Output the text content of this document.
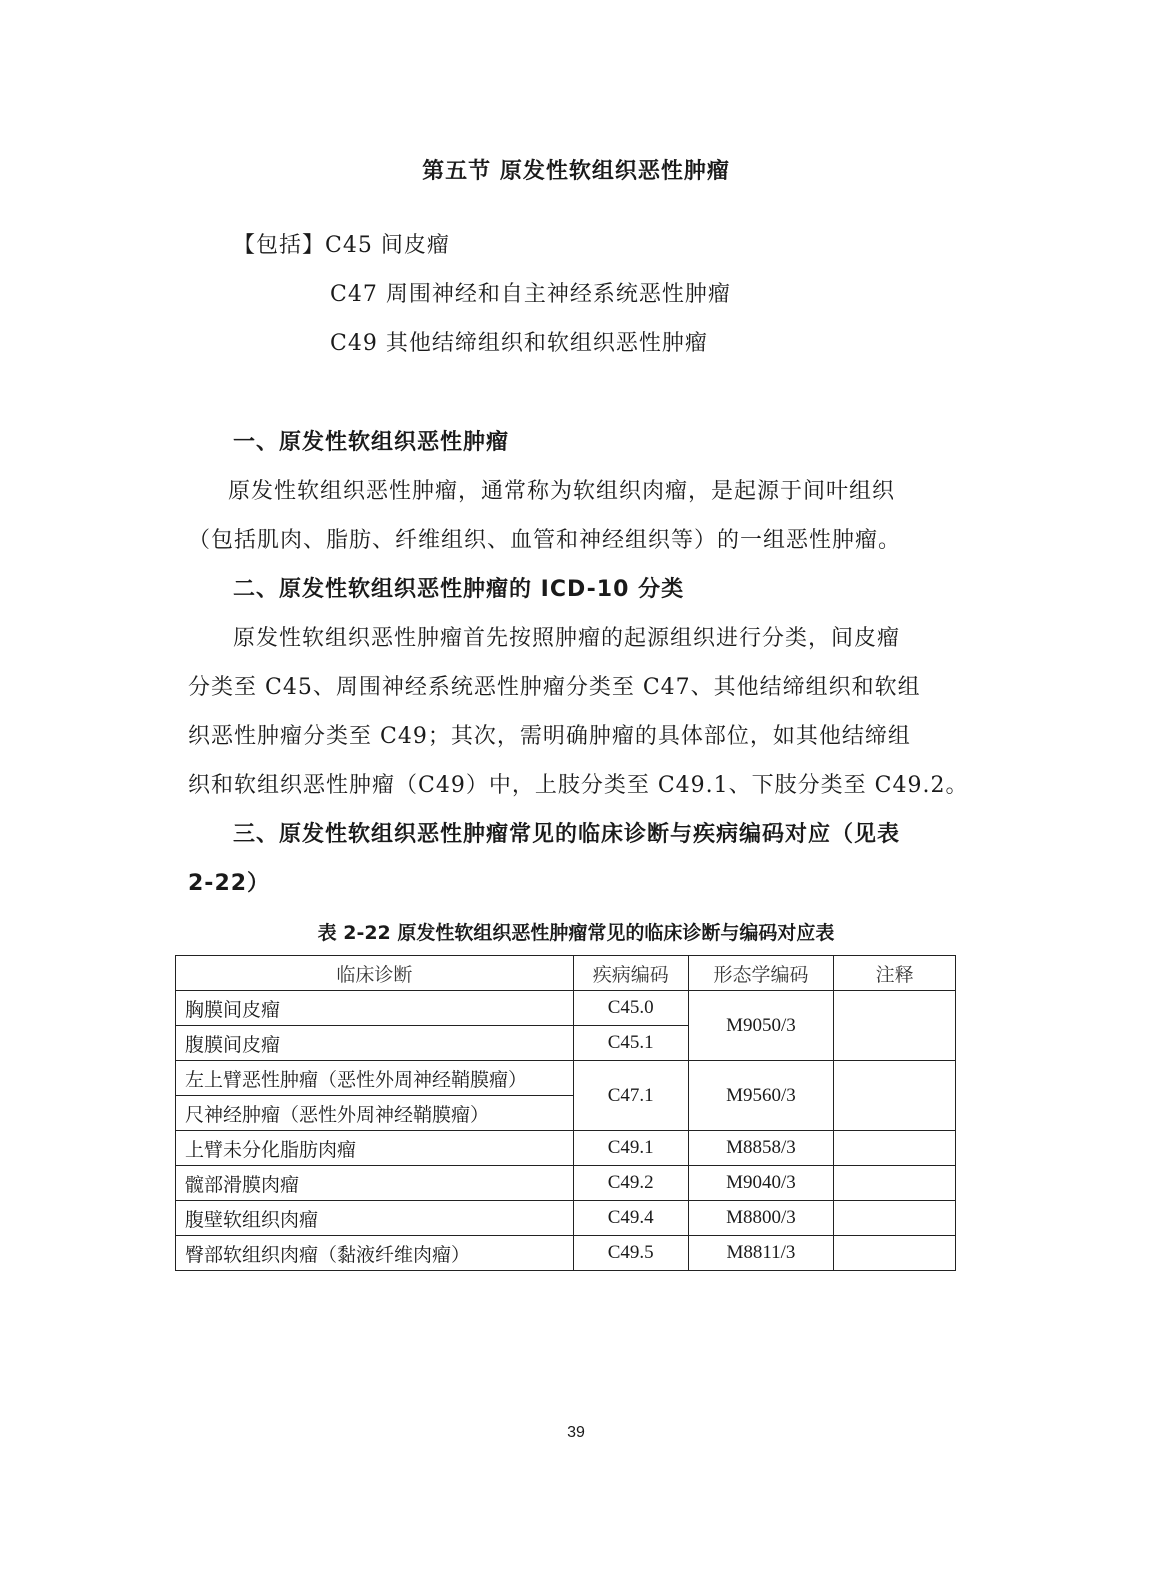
第五节 原发性软组织恶性肿瘤
【包括】C45 间皮瘤
C47 周围神经和自主神经系统恶性肿瘤
C49 其他结缔组织和软组织恶性肿瘤
一、原发性软组织恶性肿瘤
原发性软组织恶性肿瘤，通常称为软组织肉瘤，是起源于间叶组织
（包括肌肉、脂肪、纤维组织、血管和神经组织等）的一组恶性肿瘤。
二、原发性软组织恶性肿瘤的 ICD-10 分类
原发性软组织恶性肿瘤首先按照肿瘤的起源组织进行分类，间皮瘤
分类至 C45、周围神经系统恶性肿瘤分类至 C47、其他结缔组织和软组
织恶性肿瘤分类至 C49；其次，需明确肿瘤的具体部位，如其他结缔组
织和软组织恶性肿瘤（C49）中，上肢分类至 C49.1、下肢分类至 C49.2。
三、原发性软组织恶性肿瘤常见的临床诊断与疾病编码对应（见表
2-22）
表 2-22 原发性软组织恶性肿瘤常见的临床诊断与编码对应表
临床诊断	疾病编码	形态学编码	注释
胸膜间皮瘤	C45.0	M9050/3	
腹膜间皮瘤	C45.1		
左上臂恶性肿瘤（恶性外周神经鞘膜瘤）	C47.1	M9560/3	
尺神经肿瘤（恶性外周神经鞘膜瘤）			
上臂未分化脂肪肉瘤	C49.1	M8858/3	
髋部滑膜肉瘤	C49.2	M9040/3	
腹壁软组织肉瘤	C49.4	M8800/3	
臀部软组织肉瘤（黏液纤维肉瘤）	C49.5	M8811/3	
39
